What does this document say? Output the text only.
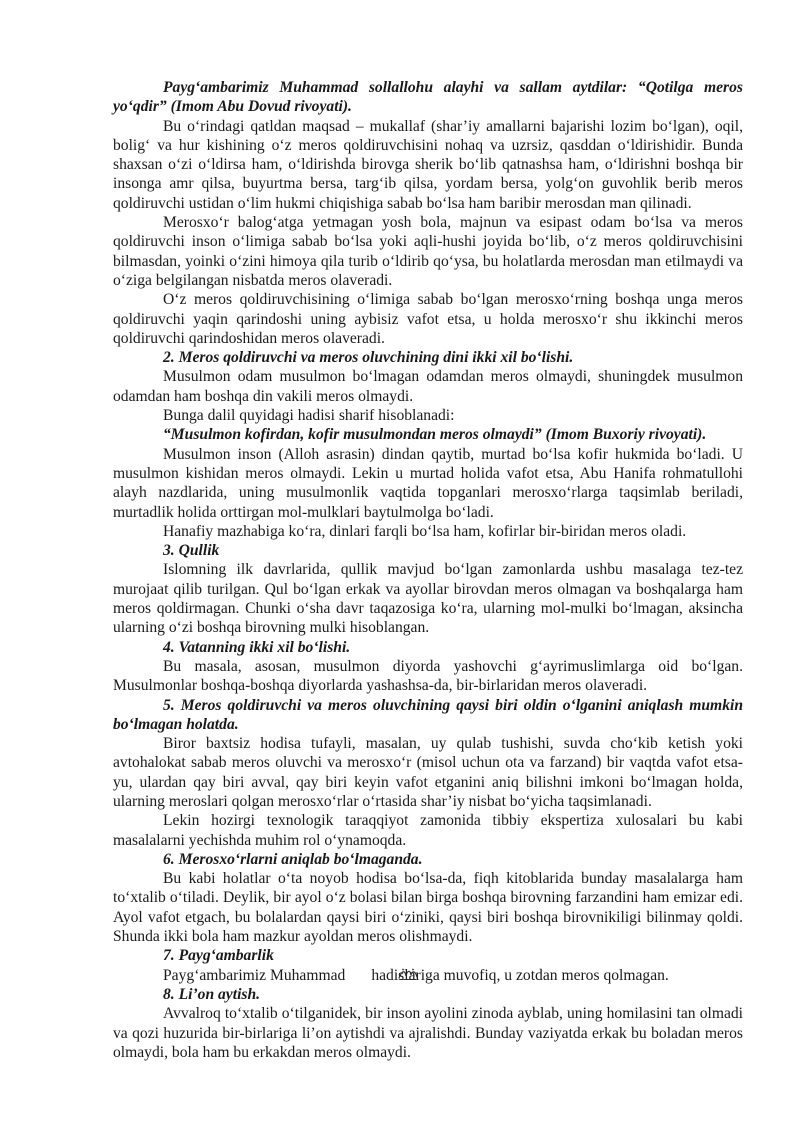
Payg‘ambarimiz Muhammad sollallohu alayhi va sallam aytdilar: “Qotilga meros yo‘qdir” (Imom Abu Dovud rivoyati).

Bu o‘rindagi qatldan maqsad – mukallaf (shar’iy amallarni bajarishi lozim bo‘lgan), oqil, bolig‘ va hur kishining o‘z meros qoldiruvchisini nohaq va uzrsiz, qasddan o‘ldirishidir. Bunda shaxsan o‘zi o‘ldirsa ham, o‘ldirishda birovga sherik bo‘lib qatnashsa ham, o‘ldirishni boshqa bir insonga amr qilsa, buyurtma bersa, targ‘ib qilsa, yordam bersa, yolg‘on guvohlik berib meros qoldiruvchi ustidan o‘lim hukmi chiqishiga sabab bo‘lsa ham baribir merosdan man qilinadi.

Merosxo‘r balog‘atga yetmagan yosh bola, majnun va esipast odam bo‘lsa va meros qoldiruvchi inson o‘limiga sabab bo‘lsa yoki aqli-hushi joyida bo‘lib, o‘z meros qoldiruvchisini bilmasdan, yoinki o‘zini himoya qila turib o‘ldirib qo‘ysa, bu holatlarda merosdan man etilmaydi va o‘ziga belgilangan nisbatda meros olaveradi.

O‘z meros qoldiruvchisining o‘limiga sabab bo‘lgan merosxo‘rning boshqa unga meros qoldiruvchi yaqin qarindoshi uning aybisiz vafot etsa, u holda merosxo‘r shu ikkinchi meros qoldiruvchi qarindoshidan meros olaveradi.

2. Meros qoldiruvchi va meros oluvchining dini ikki xil bo‘lishi.

Musulmon odam musulmon bo‘lmagan odamdan meros olmaydi, shuningdek musulmon odamdan ham boshqa din vakili meros olmaydi.

Bunga dalil quyidagi hadisi sharif hisoblanadi:

“Musulmon kofirdan, kofir musulmondan meros olmaydi” (Imom Buxoriy rivoyati).

Musulmon inson (Alloh asrasin) dindan qaytib, murtad bo‘lsa kofir hukmida bo‘ladi. U musulmon kishidan meros olmaydi. Lekin u murtad holida vafot etsa, Abu Hanifa rohmatullohi alayh nazdlarida, uning musulmonlik vaqtida topganlari merosxo‘rlarga taqsimlab beriladi, murtadlik holida orttirgan mol-mulklari baytulmolga bo‘ladi.

Hanafiy mazhabiga ko‘ra, dinlari farqli bo‘lsa ham, kofirlar bir-biridan meros oladi.

3. Qullik

Islomning ilk davrlarida, qullik mavjud bo‘lgan zamonlarda ushbu masalaga tez-tez murojaat qilib turilgan. Qul bo‘lgan erkak va ayollar birovdan meros olmagan va boshqalarga ham meros qoldirmagan. Chunki o‘sha davr taqazosiga ko‘ra, ularning mol-mulki bo‘lmagan, aksincha ularning o‘zi boshqa birovning mulki hisoblangan.

4. Vatanning ikki xil bo‘lishi.

Bu masala, asosan, musulmon diyorda yashovchi g‘ayrimuslimlarga oid bo‘lgan. Musulmonlar boshqa-boshqa diyorlarda yashashsa-da, bir-birlaridan meros olaveradi.

5. Meros qoldiruvchi va meros oluvchining qaysi biri oldin o‘lganini aniqlash mumkin bo‘lmagan holatda.

Biror baxtsiz hodisa tufayli, masalan, uy qulab tushishi, suvda cho‘kib ketish yoki avtohalokat sabab meros oluvchi va merosxo‘r (misol uchun ota va farzand) bir vaqtda vafot etsa-yu, ulardan qay biri avval, qay biri keyin vafot etganini aniq bilishni imkoni bo‘lmagan holda, ularning meroslari qolgan merosxo‘rlar o‘rtasida shar’iy nisbat bo‘yicha taqsimlanadi.

Lekin hozirgi texnologik taraqqiyot zamonida tibbiy ekspertiza xulosalari bu kabi masalalarni yechishda muhim rol o‘ynamoqda.

6. Merosxo‘rlarni aniqlab bo‘lmaganda.

Bu kabi holatlar o‘ta noyob hodisa bo‘lsa-da, fiqh kitoblarida bunday masalalarga ham to‘xtalib o‘tiladi. Deylik, bir ayol o‘z bolasi bilan birga boshqa birovning farzandini ham emizar edi. Ayol vafot etgach, bu bolalardan qaysi biri o‘ziniki, qaysi biri boshqa birovnikiligi bilinmay qoldi. Shunda ikki bola ham mazkur ayoldan meros olishmaydi.

7. Payg‘ambarlik

Payg‘ambarimiz Muhammad hadislariga muvofiq, u zotdan meros qolmagan.

8. Li’on aytish.

Avvalroq to‘xtalib o‘tilganidek, bir inson ayolini zinoda ayblab, uning homilasini tan olmadi va qozi huzurida bir-birlariga li’on aytishdi va ajralishdi. Bunday vaziyatda erkak bu boladan meros olmaydi, bola ham bu erkakdan meros olmaydi.
